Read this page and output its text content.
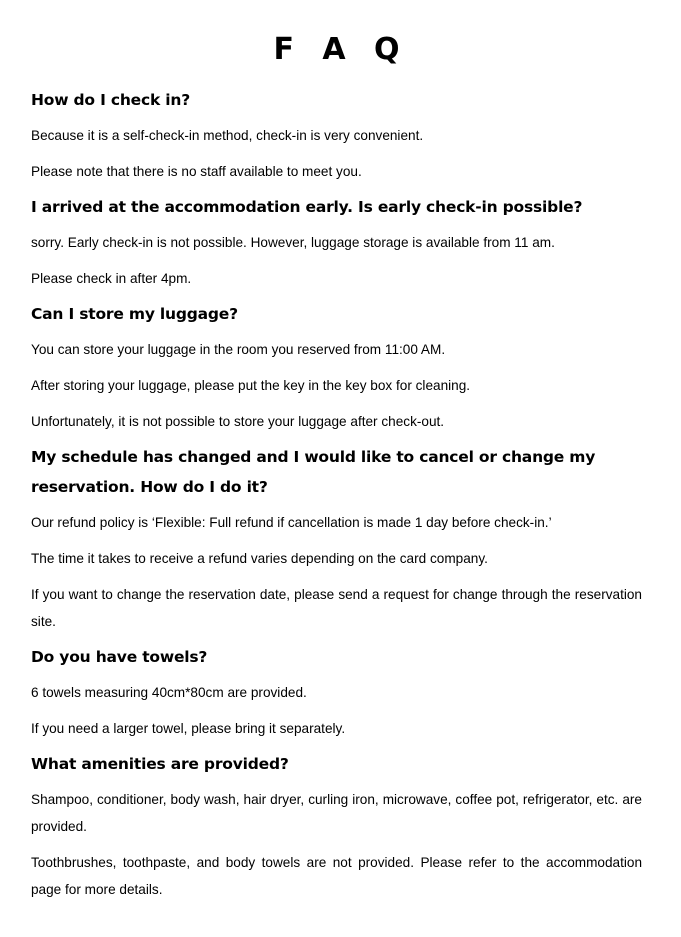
F A Q
How do I check in?

Because it is a self-check-in method, check-in is very convenient.

Please note that there is no staff available to meet you.

I arrived at the accommodation early. Is early check-in possible?

sorry. Early check-in is not possible. However, luggage storage is available from 11 am.

Please check in after 4pm.

Can I store my luggage?

You can store your luggage in the room you reserved from 11:00 AM.

After storing your luggage, please put the key in the key box for cleaning.

Unfortunately, it is not possible to store your luggage after check-out.

My schedule has changed and I would like to cancel or change my reservation. How do I do it?

Our refund policy is ‘Flexible: Full refund if cancellation is made 1 day before check-in.’

The time it takes to receive a refund varies depending on the card company.

If you want to change the reservation date, please send a request for change through the reservation site.

Do you have towels?

6 towels measuring 40cm*80cm are provided.

If you need a larger towel, please bring it separately.

What amenities are provided?

Shampoo, conditioner, body wash, hair dryer, curling iron, microwave, coffee pot, refrigerator, etc. are provided.

Toothbrushes, toothpaste, and body towels are not provided. Please refer to the accommodation page for more details.
